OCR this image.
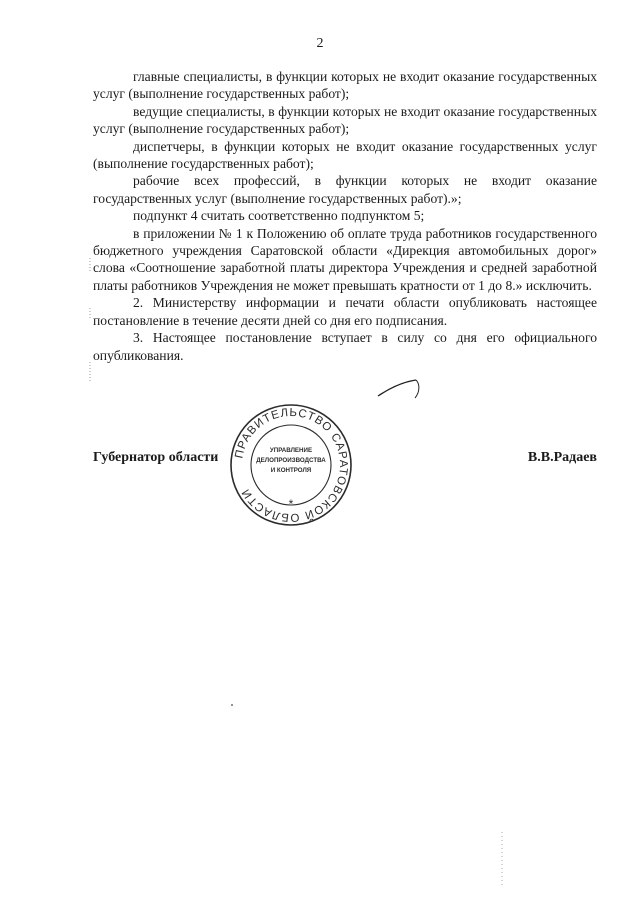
2

главные специалисты, в функции которых не входит оказание государственных услуг (выполнение государственных работ);

ведущие специалисты, в функции которых не входит оказание государственных услуг (выполнение государственных работ);

диспетчеры, в функции которых не входит оказание государственных услуг (выполнение государственных работ);

рабочие всех профессий, в функции которых не входит оказание государственных услуг (выполнение государственных работ).»;

подпункт 4 считать соответственно подпунктом 5;

в приложении № 1 к Положению об оплате труда работников государственного бюджетного учреждения Саратовской области «Дирекция автомобильных дорог» слова «Соотношение заработной платы директора Учреждения и средней заработной платы работников Учреждения не может превышать кратности от 1 до 8.» исключить.

2. Министерству информации и печати области опубликовать настоящее постановление в течение десяти дней со дня его подписания.

3. Настоящее постановление вступает в силу со дня его официального опубликования.

Губернатор области	В.В.Радаев
ПРАВИТЕЛЬСТВО САРАТОВСКОЙ ОБЛАСТИ
УПРАВЛЕНИЕ
ДЕЛОПРОИЗВОДСТВА
И КОНТРОЛЯ
*
